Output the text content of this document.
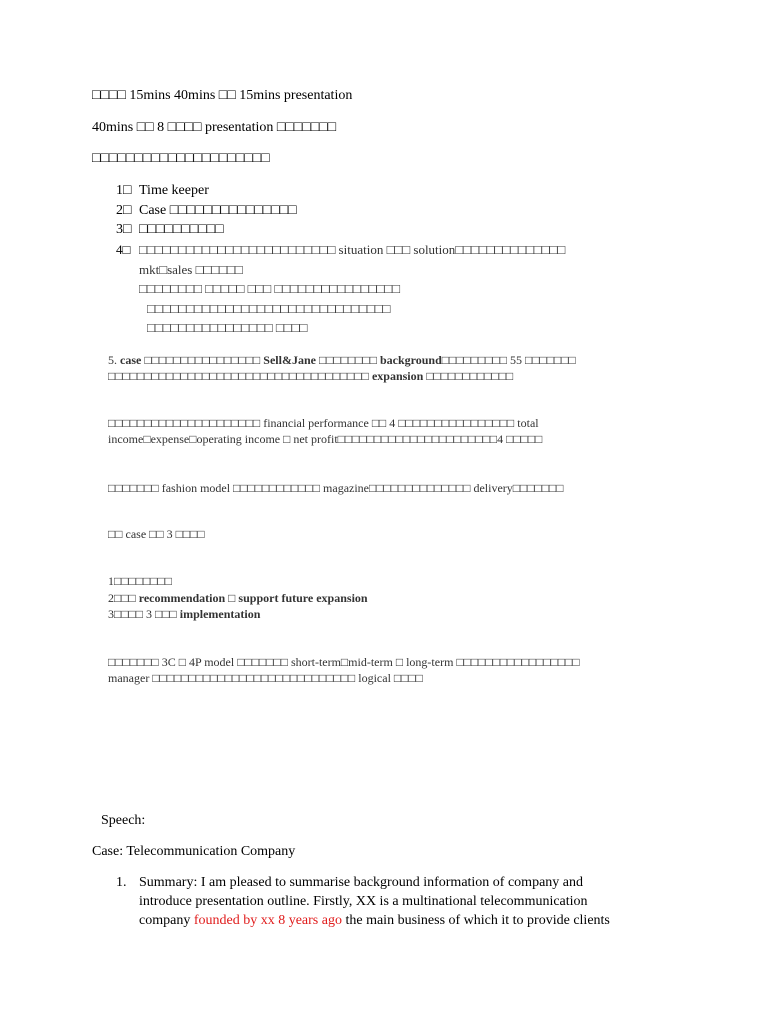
□□□□ 15mins 40mins □□ 15mins presentation
40mins □□ 8 □□□□ presentation □□□□□□□
□□□□□□□□□□□□□□□□□□□□□
1□ Time keeper
2□ Case □□□□□□□□□□□□□□□
3□ □□□□□□□□□□
4□ □□□□□□□□□□□□□□□□□□□□□□□□□ situation □□□ solution□□□□□□□□□□□□□□
mkt□sales □□□□□□
□□□□□□□□ □□□□□ □□□ □□□□□□□□□□□□□□□□
□□□□□□□□□□□□□□□□□□□□□□□□□□□□□□□
□□□□□□□□□□□□□□□□ □□□□
5. case □□□□□□□□□□□□□□□□ Sell&Jane □□□□□□□□ background□□□□□□□□□ 55 □□□□□□□
□□□□□□□□□□□□□□□□□□□□□□□□□□□□□□□□□□□□ expansion □□□□□□□□□□□□
□□□□□□□□□□□□□□□□□□□□□ financial performance □□ 4 □□□□□□□□□□□□□□□□ total
income□expense□operating income □ net profit□□□□□□□□□□□□□□□□□□□□□□4 □□□□□
□□□□□□□ fashion model □□□□□□□□□□□□ magazine□□□□□□□□□□□□□□ delivery□□□□□□□
□□ case □□ 3 □□□□
1□□□□□□□□
2□□□ recommendation □ support future expansion
3□□□□ 3 □□□ implementation
□□□□□□□ 3C □ 4P model □□□□□□□ short-term□mid-term □ long-term □□□□□□□□□□□□□□□□□
manager □□□□□□□□□□□□□□□□□□□□□□□□□□□□ logical □□□□
Speech:
Case: Telecommunication Company
1. Summary: I am pleased to summarise background information of company and
introduce presentation outline. Firstly, XX is a multinational telecommunication
company founded by xx 8 years ago the main business of which it to provide clients
